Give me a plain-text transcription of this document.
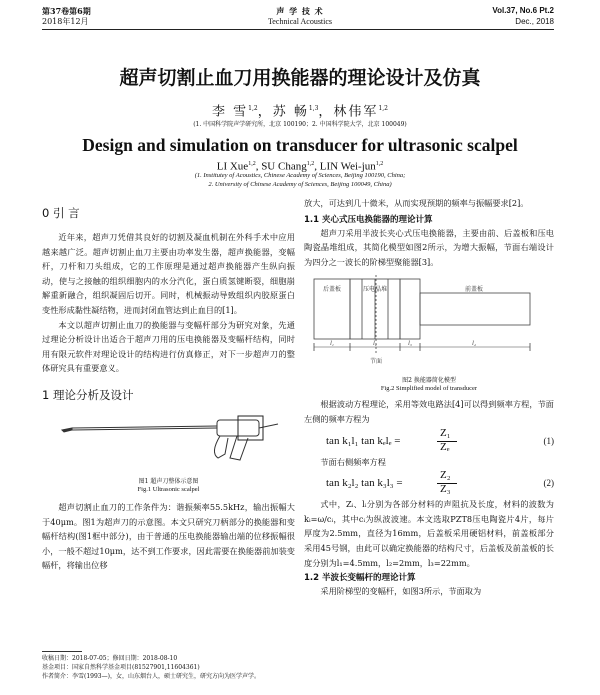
第37卷第6期
2018年12月
声 学 技 术
Technical Acoustics
Vol.37, No.6 Pt.2
Dec., 2018
超声切割止血刀用换能器的理论设计及仿真
李 雪$^{1,2}$，苏 畅$^{1,3}$，林伟军$^{1,2}$
(1. 中国科学院声学研究所，北京 100190；2. 中国科学院大学，北京 100049)
Design and simulation on transducer for ultrasonic scalpel
LI Xue$^{1,2}$, SU Chang$^{1,2}$, LIN Wei-jun$^{1,2}$
(1. Institutey of Acoustics, Chinese Academy of Sciences, Beijing 100190, China;
2. University of Chinese Academy of Sciences, Beijing 100049, China)
0 引 言

近年来，超声刀凭借其良好的切割及凝血机制在外科手术中应用越来越广泛。超声切割止血刀主要由功率发生器，超声换能器，变幅杆，刀杆和刀头组成，它的工作原理是通过超声换能器产生纵向振动，使与之接触的组织细胞内的水分汽化，蛋白质氢键断裂，细胞崩解重新融合，组织凝固后切开。同时，机械振动导致组织内胶原蛋白变性形成黏性凝结物，进而封闭血管达到止血目的[1]。

本文以超声切割止血刀的换能器与变幅杆部分为研究对象，先通过理论分析设计出适合于超声刀用的压电换能器及变幅杆结构，同时用有限元软件对理论设计的结构进行仿真修正，对下一步超声刀的整体研究具有重要意义。

1 理论分析及设计
图1 超声刀整体示意图
Fig.1 Ultrasonic scalpel

超声切割止血刀的工作条件为：谐振频率55.5kHz，输出振幅大于40μm。图1为超声刀的示意图。本文只研究刀柄部分的换能器和变幅杆结构(图1框中部分)，由于普通的压电换能器输出端的位移振幅很小，一般不超过10μm，达不到工作要求，因此需要在换能器前加装变幅杆，将输出位移

收稿日期：2018-07-05；修回日期：2018-08-10
基金项目：国家自然科学基金项目(81527901,11604361)
作者简介：李雪(1993—)，女，山东烟台人，硕士研究生，研究方向为医学声学。

放大，可达到几十微米，从而实现预期的频率与振幅要求[2]。

1.1 夹心式压电换能器的理论计算

超声刀采用半波长夹心式压电换能器，主要由前、后盖板和压电陶瓷晶堆组成，其简化模型如图2所示，为增大振幅，节面右端设计为四分之一波长的阶梯型聚能器[3]。

后盖板	压电晶堆	前盖板
l₁	l₂	l₃	l₄
节面
图2 换能器简化模型
Fig.2 Simplified model of transducer

根据波动方程理论，采用等效电路法[4]可以得到频率方程，节面左侧的频率方程为

tan k₁l₁ tan kₑlₑ =
Z₁
Zₑ	(1)

节面右侧频率方程

tan k₂l₂ tan k₃l₃ =
Z₂
Z₃	(2)

式中，Zᵢ、lᵢ分别为各部分材料的声阻抗及长度，材料的波数为kᵢ=ω/cᵢ，其中cᵢ为纵波波速。本文选取PZT8压电陶瓷片4片，每片厚度为2.5mm，直径为16mm，后盖板采用硬铝材料，前盖板部分采用45号钢，由此可以确定换能器的结构尺寸，后盖板及前盖板的长度分别为l₁=4.5mm，l₂=2mm，l₃=22mm。

1.2 半波长变幅杆的理论计算

采用阶梯型的变幅杆，如图3所示，节面取为
